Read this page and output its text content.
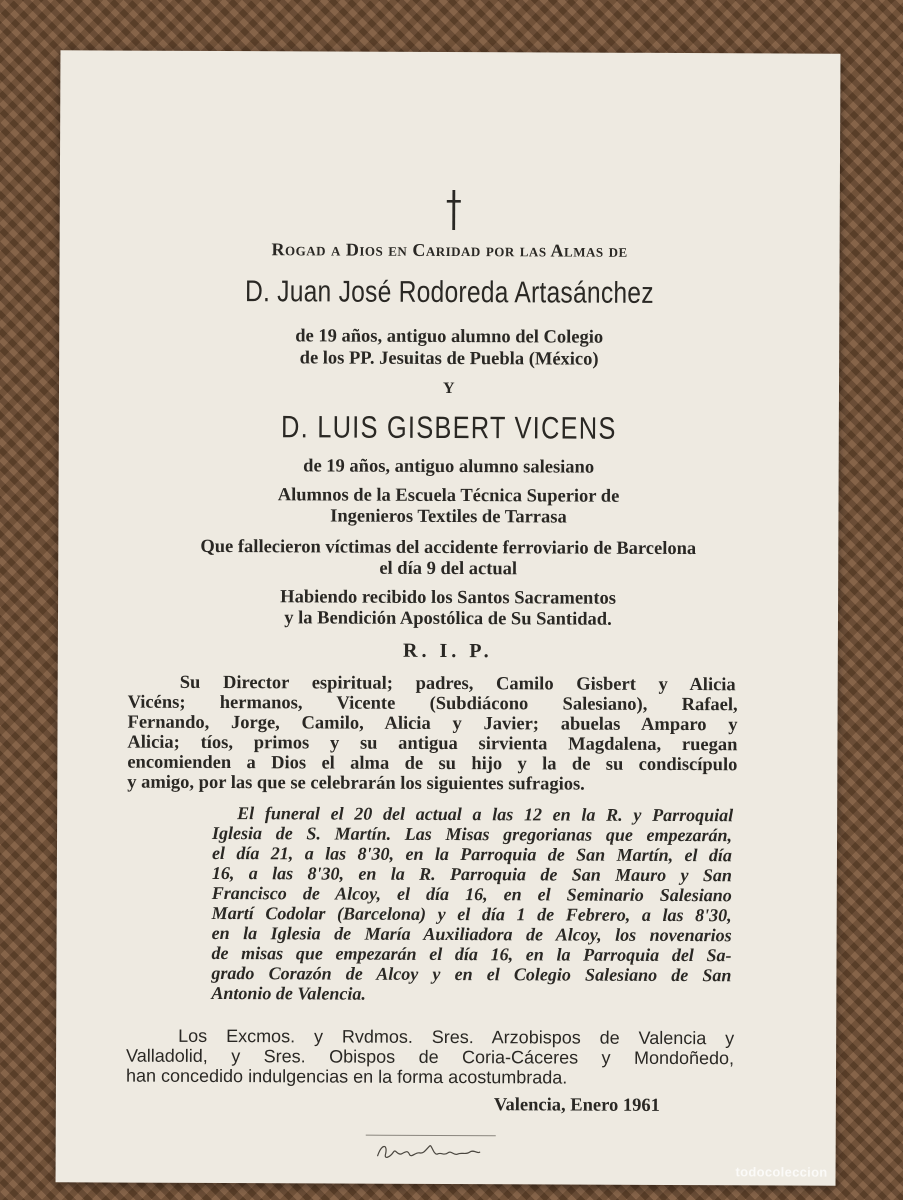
Rogad a Dios en Caridad por las Almas de

D. Juan José Rodoreda Artasánchez

de 19 años, antiguo alumno del Colegio

de los PP. Jesuitas de Puebla (México)

Y

D. LUIS GISBERT VICENS

de 19 años, antiguo alumno salesiano

Alumnos de la Escuela Técnica Superior de

Ingenieros Textiles de Tarrasa

Que fallecieron víctimas del accidente ferroviario de Barcelona

el día 9 del actual

Habiendo recibido los Santos Sacramentos

y la Bendición Apostólica de Su Santidad.

R. I. P.

Su Director espiritual; padres, Camilo Gisbert y Alicia

Vicéns; hermanos, Vicente (Subdiácono Salesiano), Rafael,

Fernando, Jorge, Camilo, Alicia y Javier; abuelas Amparo y

Alicia; tíos, primos y su antigua sirvienta Magdalena, ruegan

encomienden a Dios el alma de su hijo y la de su condiscípulo

y amigo, por las que se celebrarán los siguientes sufragios.

El funeral el 20 del actual a las 12 en la R. y Parroquial

Iglesia de S. Martín. Las Misas gregorianas que empezarán,

el día 21, a las 8'30, en la Parroquia de San Martín, el día

16, a las 8'30, en la R. Parroquia de San Mauro y San

Francisco de Alcoy, el día 16, en el Seminario Salesiano

Martí Codolar (Barcelona) y el día 1 de Febrero, a las 8'30,

en la Iglesia de María Auxiliadora de Alcoy, los novenarios

de misas que empezarán el día 16, en la Parroquia del Sa-

grado Corazón de Alcoy y en el Colegio Salesiano de San

Antonio de Valencia.

Los Excmos. y Rvdmos. Sres. Arzobispos de Valencia y

Valladolid, y Sres. Obispos de Coria-Cáceres y Mondoñedo,

han concedido indulgencias en la forma acostumbrada.

Valencia, Enero 1961

todocoleccion
